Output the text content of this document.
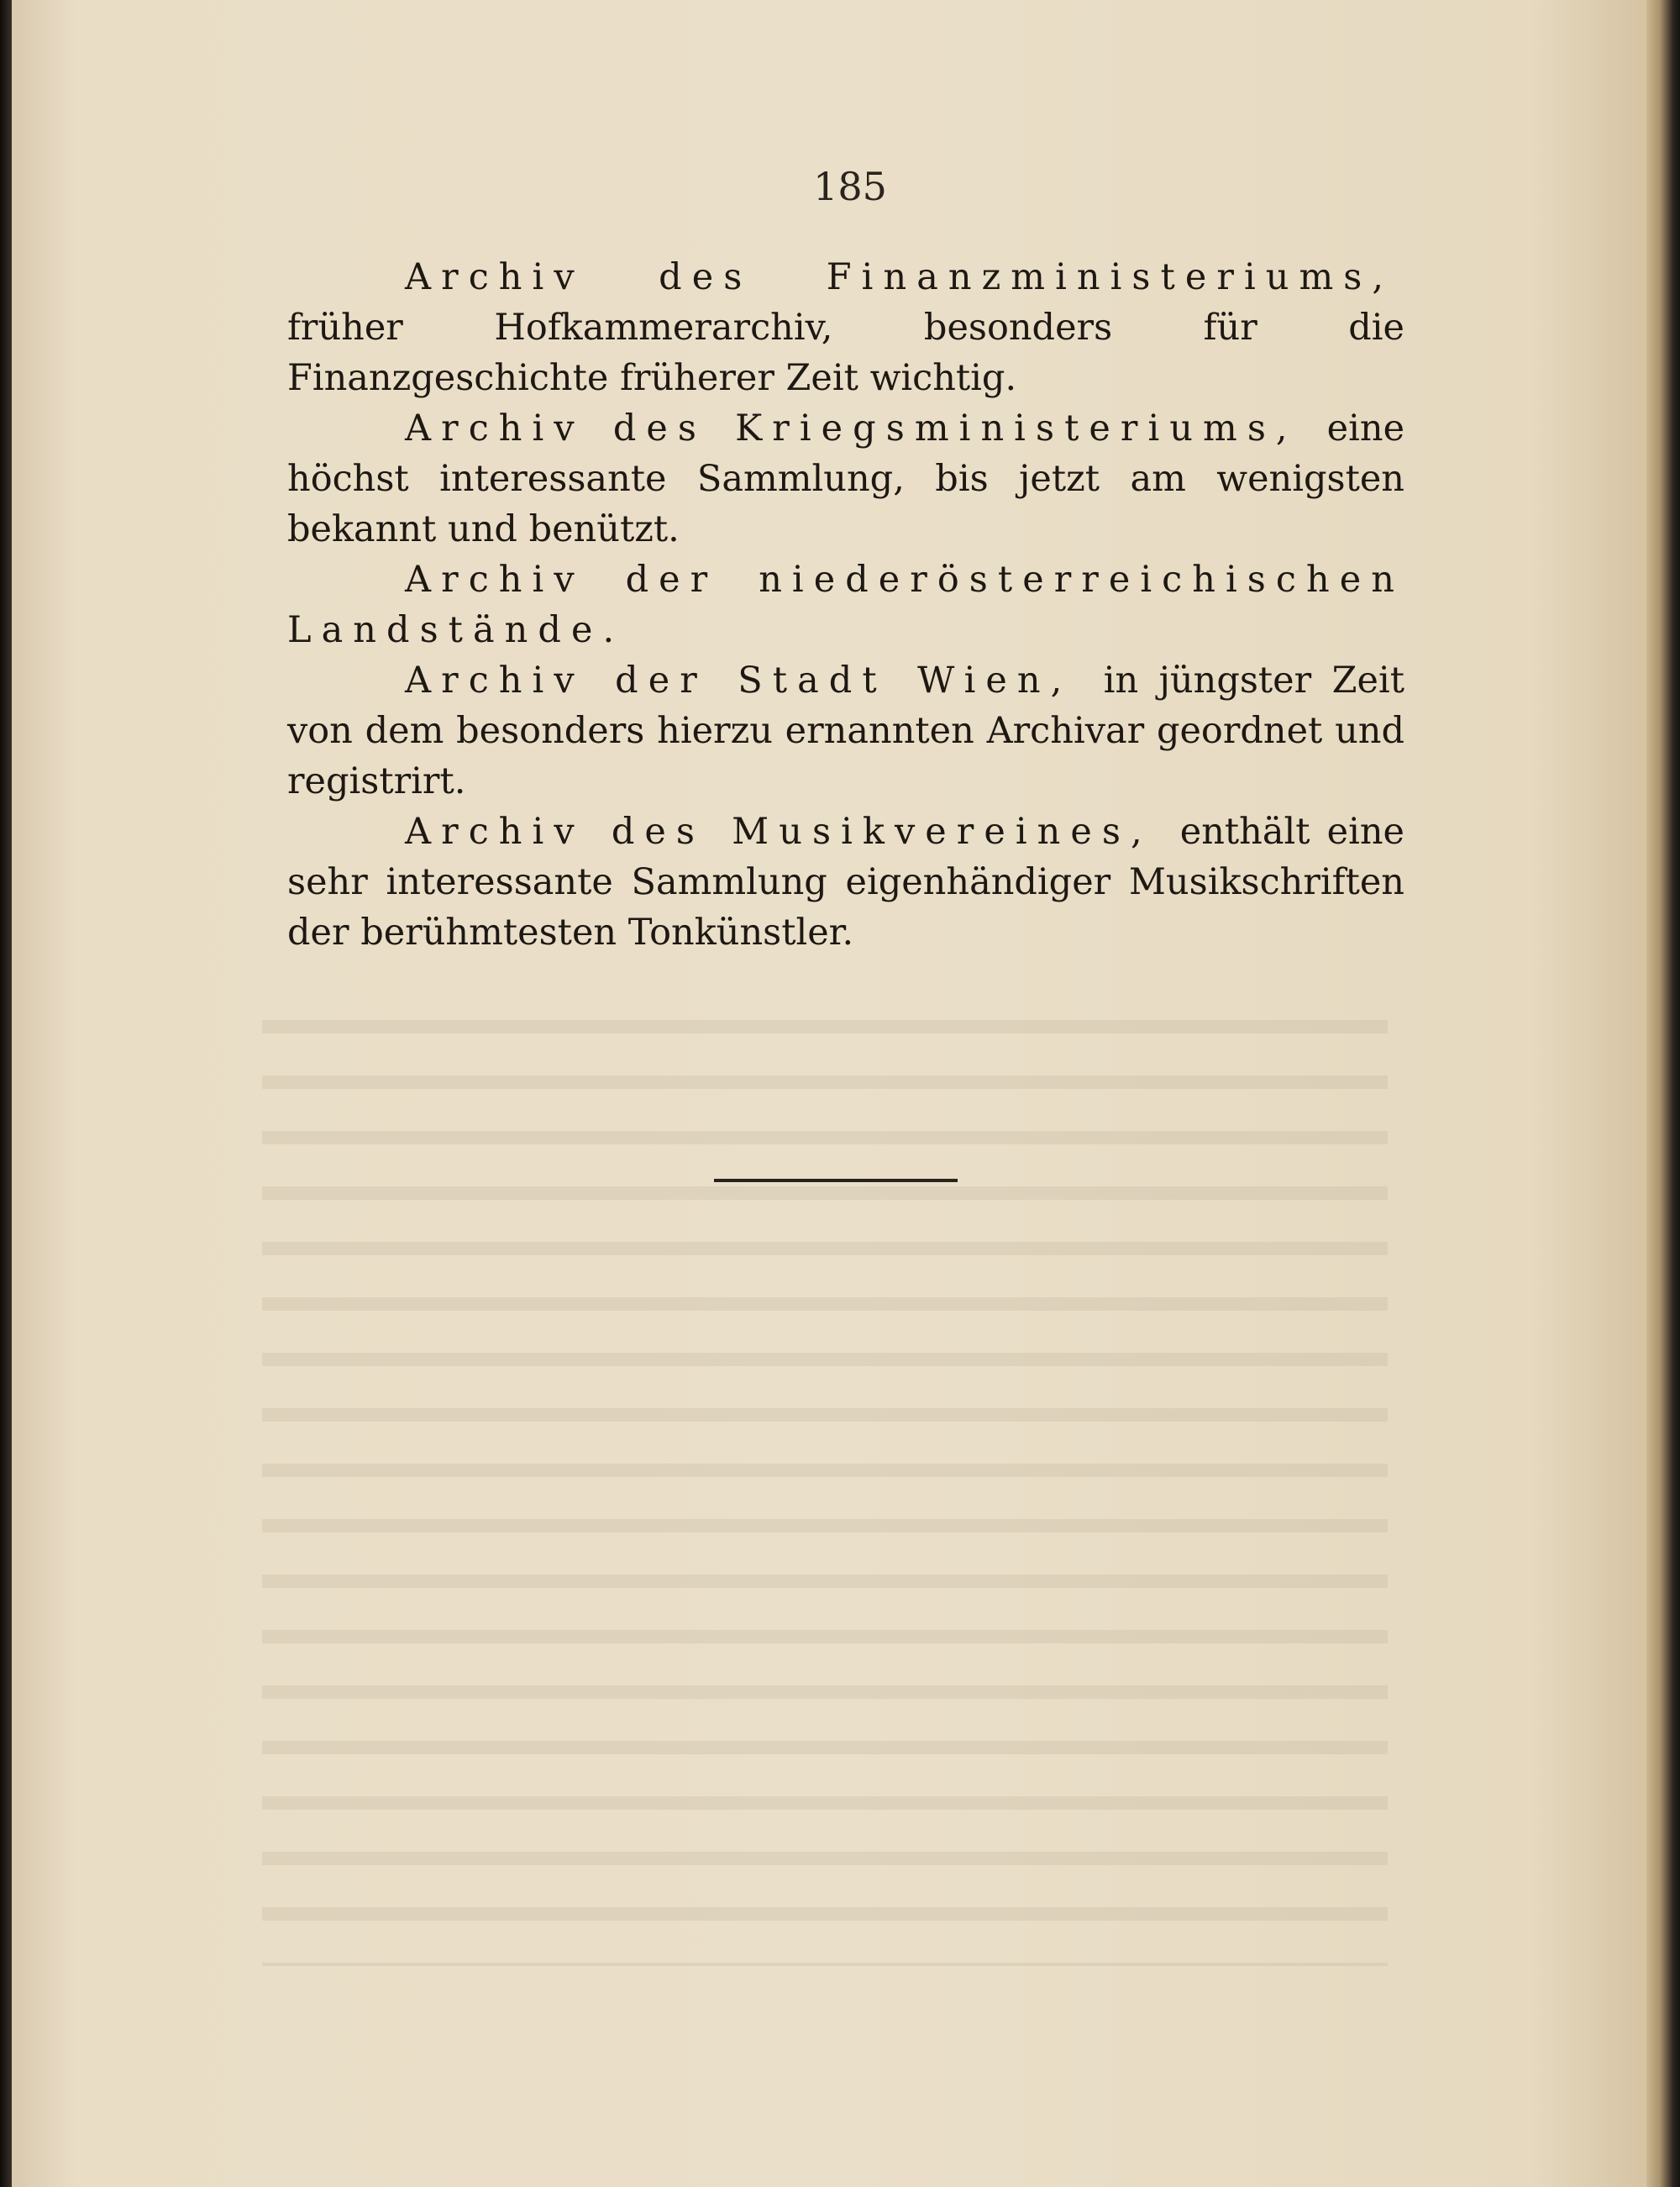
185

Archiv des Finanzministeriums, früher Hofkammerarchiv, besonders für die Finanzgeschichte früherer Zeit wichtig.

Archiv des Kriegsministeriums, eine höchst interessante Sammlung, bis jetzt am wenigsten bekannt und benützt.

Archiv der niederösterreichischen Landstände.

Archiv der Stadt Wien, in jüngster Zeit von dem besonders hierzu ernannten Archivar geordnet und registrirt.

Archiv des Musikvereines, enthält eine sehr interessante Sammlung eigenhändiger Musikschriften der berühmtesten Tonkünstler.
